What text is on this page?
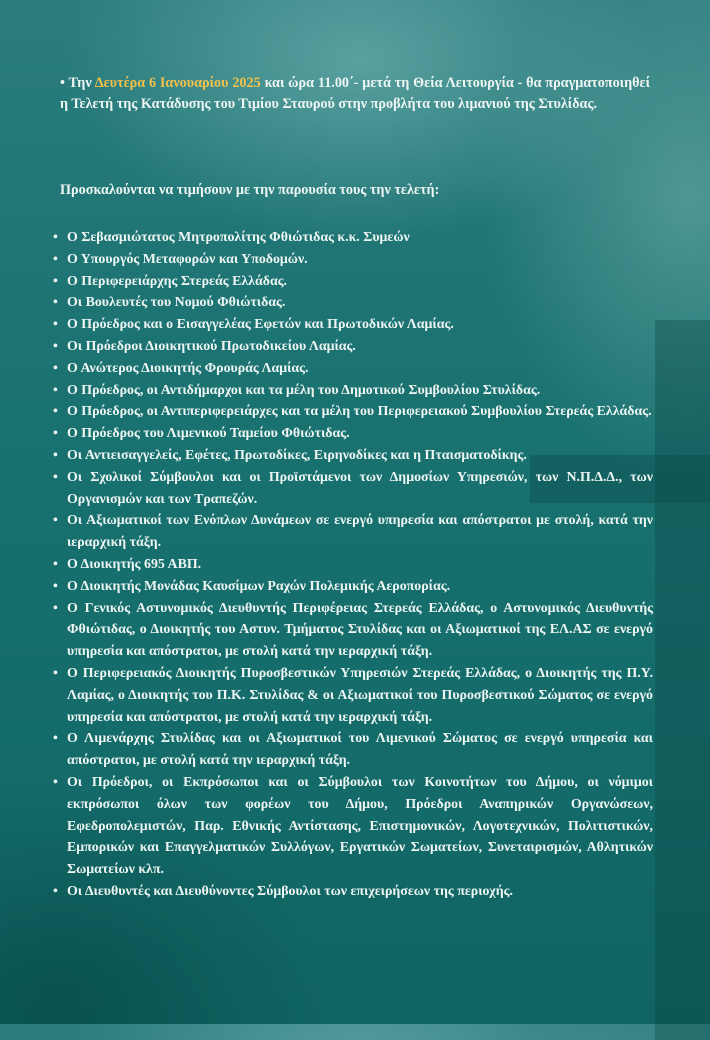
• Την Δευτέρα 6 Ιανουαρίου 2025 και ώρα 11.00΄- μετά τη Θεία Λειτουργία - θα πραγματοποιηθεί η Τελετή της Κατάδυσης του Τιμίου Σταυρού στην προβλήτα του λιμανιού της Στυλίδας.

Προσκαλούνται να τιμήσουν με την παρουσία τους την τελετή:

• Ο Σεβασμιώτατος Μητροπολίτης Φθιώτιδας κ.κ. Συμεών
• Ο Υπουργός Μεταφορών και Υποδομών.
• Ο Περιφερειάρχης Στερεάς Ελλάδας.
• Οι Βουλευτές του Νομού Φθιώτιδας.
• Ο Πρόεδρος και ο Εισαγγελέας Εφετών και Πρωτοδικών Λαμίας.
• Οι Πρόεδροι Διοικητικού Πρωτοδικείου Λαμίας.
• Ο Ανώτερος Διοικητής Φρουράς Λαμίας.
• Ο Πρόεδρος, οι Αντιδήμαρχοι και τα μέλη του Δημοτικού Συμβουλίου Στυλίδας.
• Ο Πρόεδρος, οι Αντιπεριφερειάρχες και τα μέλη του Περιφερειακού Συμβουλίου Στερεάς Ελλάδας.
• Ο Πρόεδρος του Λιμενικού Ταμείου Φθιώτιδας.
• Οι Αντιεισαγγελείς, Εφέτες, Πρωτοδίκες, Ειρηνοδίκες και η Πταισματοδίκης.
• Οι Σχολικοί Σύμβουλοι και οι Προϊστάμενοι των Δημοσίων Υπηρεσιών, των Ν.Π.Δ.Δ., των Οργανισμών και των Τραπεζών.
• Οι Αξιωματικοί των Ενόπλων Δυνάμεων σε ενεργό υπηρεσία και απόστρατοι με στολή, κατά την ιεραρχική τάξη.
• Ο Διοικητής 695 ΑΒΠ.
• Ο Διοικητής Μονάδας Καυσίμων Ραχών Πολεμικής Αεροπορίας.
• Ο Γενικός Αστυνομικός Διευθυντής Περιφέρειας Στερεάς Ελλάδας, ο Αστυνομικός Διευθυντής Φθιώτιδας, ο Διοικητής του Αστυν. Τμήματος Στυλίδας και οι Αξιωματικοί της ΕΛ.ΑΣ σε ενεργό υπηρεσία και απόστρατοι, με στολή κατά την ιεραρχική τάξη.
• Ο Περιφερειακός Διοικητής Πυροσβεστικών Υπηρεσιών Στερεάς Ελλάδας, ο Διοικητής της Π.Υ. Λαμίας, ο Διοικητής του Π.Κ. Στυλίδας & οι Αξιωματικοί του Πυροσβεστικού Σώματος σε ενεργό υπηρεσία και απόστρατοι, με στολή κατά την ιεραρχική τάξη.
• Ο Λιμενάρχης Στυλίδας και οι Αξιωματικοί του Λιμενικού Σώματος σε ενεργό υπηρεσία και απόστρατοι, με στολή κατά την ιεραρχική τάξη.
• Οι Πρόεδροι, οι Εκπρόσωποι και οι Σύμβουλοι των Κοινοτήτων του Δήμου, οι νόμιμοι εκπρόσωποι όλων των φορέων του Δήμου, Πρόεδροι Αναπηρικών Οργανώσεων, Εφεδροπολεμιστών, Παρ. Εθνικής Αντίστασης, Επιστημονικών, Λογοτεχνικών, Πολιτιστικών, Εμπορικών και Επαγγελματικών Συλλόγων, Εργατικών Σωματείων, Συνεταιρισμών, Αθλητικών Σωματείων κλπ.
• Οι Διευθυντές και Διευθύνοντες Σύμβουλοι των επιχειρήσεων της περιοχής.
